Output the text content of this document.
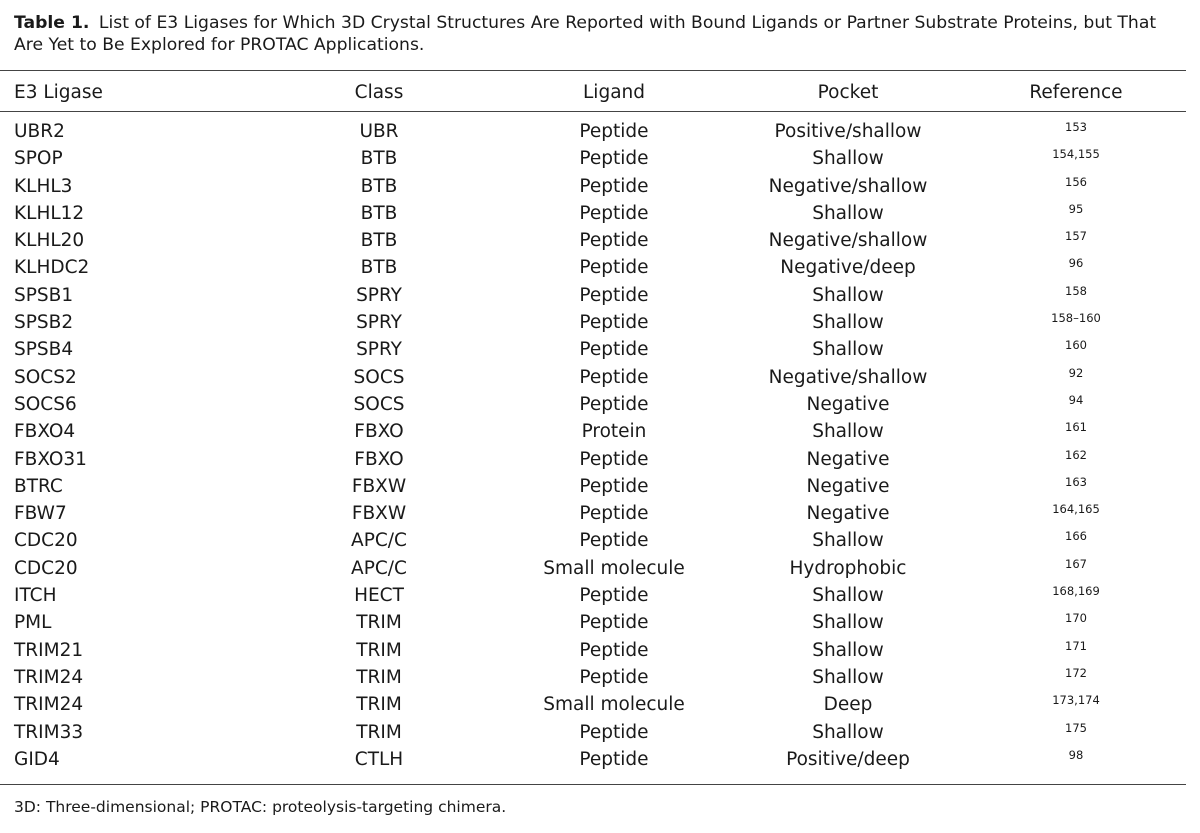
Table 1. List of E3 Ligases for Which 3D Crystal Structures Are Reported with Bound Ligands or Partner Substrate Proteins, but That Are Yet to Be Explored for PROTAC Applications.
E3 Ligase	Class	Ligand	Pocket	Reference
UBR2	UBR	Peptide	Positive/shallow	153
SPOP	BTB	Peptide	Shallow	154,155
KLHL3	BTB	Peptide	Negative/shallow	156
KLHL12	BTB	Peptide	Shallow	95
KLHL20	BTB	Peptide	Negative/shallow	157
KLHDC2	BTB	Peptide	Negative/deep	96
SPSB1	SPRY	Peptide	Shallow	158
SPSB2	SPRY	Peptide	Shallow	158–160
SPSB4	SPRY	Peptide	Shallow	160
SOCS2	SOCS	Peptide	Negative/shallow	92
SOCS6	SOCS	Peptide	Negative	94
FBXO4	FBXO	Protein	Shallow	161
FBXO31	FBXO	Peptide	Negative	162
BTRC	FBXW	Peptide	Negative	163
FBW7	FBXW	Peptide	Negative	164,165
CDC20	APC/C	Peptide	Shallow	166
CDC20	APC/C	Small molecule	Hydrophobic	167
ITCH	HECT	Peptide	Shallow	168,169
PML	TRIM	Peptide	Shallow	170
TRIM21	TRIM	Peptide	Shallow	171
TRIM24	TRIM	Peptide	Shallow	172
TRIM24	TRIM	Small molecule	Deep	173,174
TRIM33	TRIM	Peptide	Shallow	175
GID4	CTLH	Peptide	Positive/deep	98
3D: Three-dimensional; PROTAC: proteolysis-targeting chimera.
